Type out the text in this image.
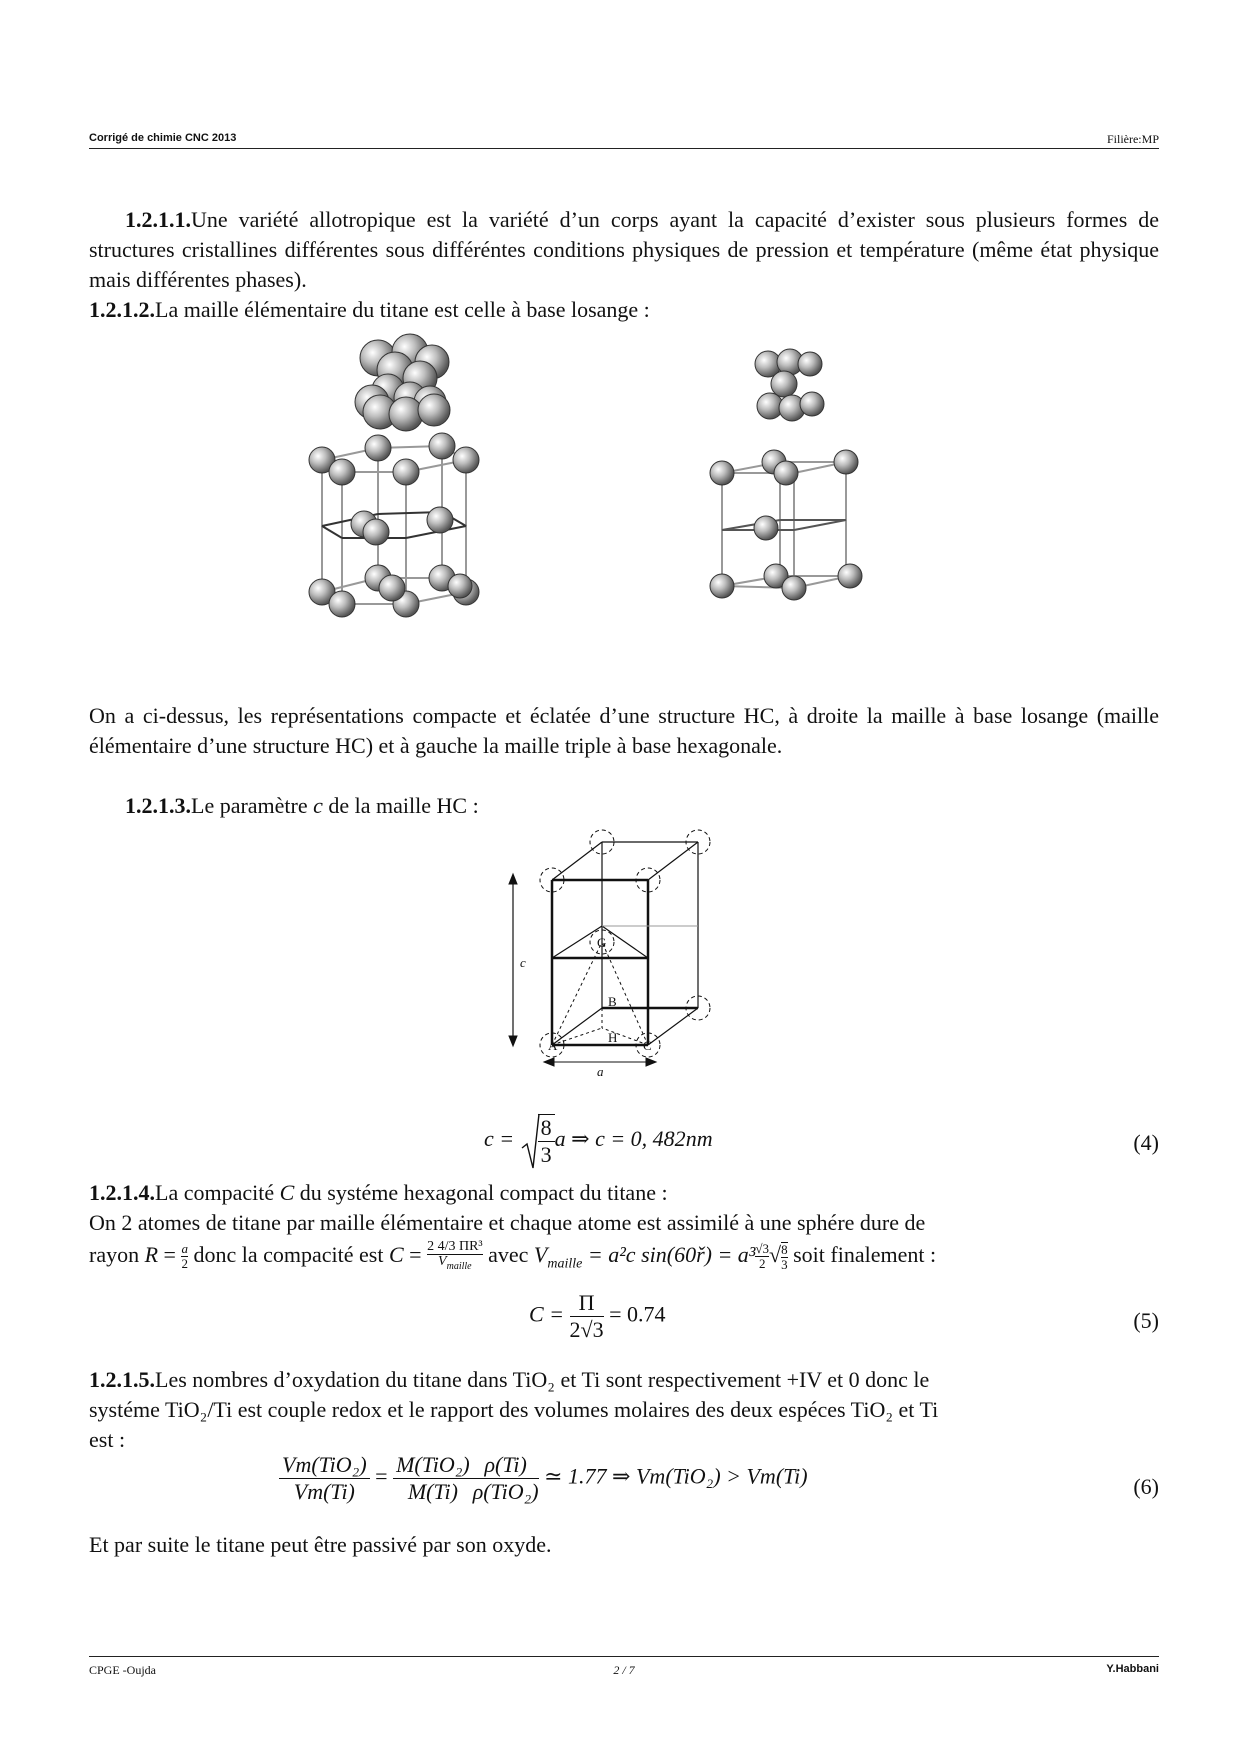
Corrigé de chimie CNC 2013	Filière:MP
1.2.1.1.Une variété allotropique est la variété d’un corps ayant la capacité d’exister sous plusieurs formes de structures cristallines différentes sous différéntes conditions physiques de pression et température (même état physique mais différentes phases).
1.2.1.2.La maille élémentaire du titane est celle à base losange :
On a ci-dessus, les représentations compacte et éclatée d’une structure HC, à droite la maille à base losange (maille élémentaire d’une structure HC) et à gauche la maille triple à base hexagonale.
1.2.1.3.Le paramètre c de la maille HC :
c
a
G
B
H
A	C
$c = \frac{8}{3}$ a ⇒ c = 0, 482nm	(4)
1.2.1.4.La compacité C du systéme hexagonal compact du titane :
On 2 atomes de titane par maille élémentaire et chaque atome est assimilé à une sphére dure de
rayon $R = \frac{a}{2}$ donc la compacité est C = 2 4/3 ΠR³
$V_{maille}$ avec $V_{maille} = a^2c$ sin(60ř) = $a^3 \frac{√3}{2}$ √ $\frac{8}{3}$ soit finalement :
$C = \frac{\Pi}{2√3} = 0.74$	(5)
1.2.1.5.Les nombres d’oxydation du titane dans TiO₂ et Ti sont respectivement +IV et 0 donc le
systéme TiO₂/Ti est couple redox et le rapport des volumes molaires des deux espéces TiO₂ et Ti
est :
$\frac{\text{Vm(TiO₂)}}{Vm(Ti)} = \frac{\text{M(TiO₂)}}{M(Ti)} \frac{\rho(Ti)}{\text{ρ(TiO₂)}}$ ≃ 1.77 ⇒ Vm(TiO₂) > Vm(Ti)	(6)
Et par suite le titane peut être passivé par son oxyde.
CPGE -Oujda	2 / 7	Y.Habbani
